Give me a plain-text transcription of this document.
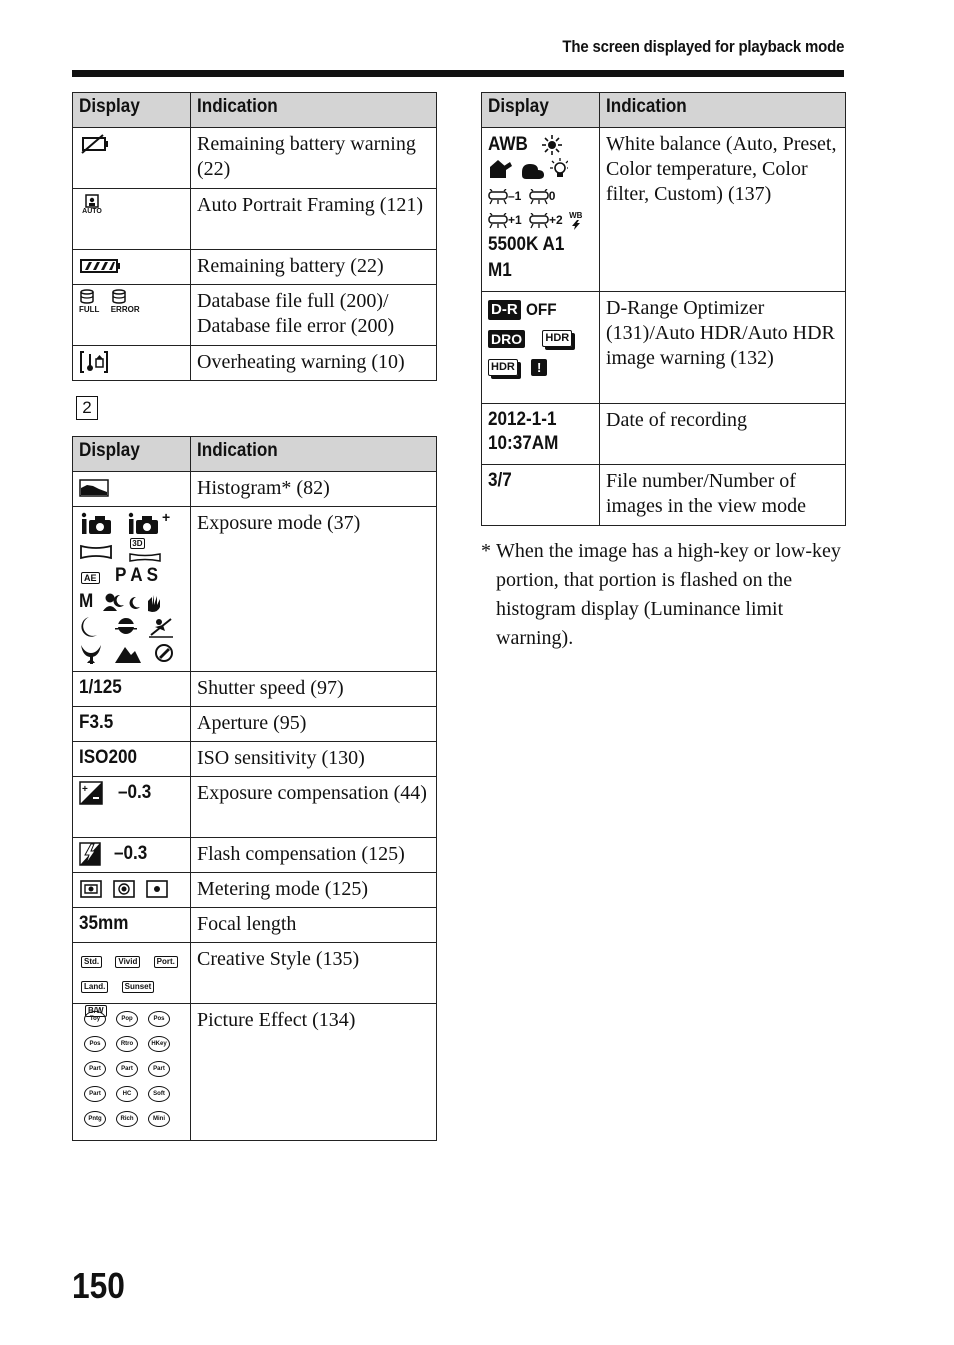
The screen displayed for playback mode
Display	Indication
	Remaining battery warning (22)

AUTO	Auto Portrait Framing (121)
	Remaining battery (22)

FULL
ERROR	Database file full (200)/ Database file error (200)
	Overheating warning (10)
2
Display	Indication
	Histogram* (82)

+

3D
AE P A S
M	Exposure mode (37)
1/125	Shutter speed (97)
F3.5	Aperture (95)
ISO200	ISO sensitivity (130)

+ –0.3	Exposure compensation (44)
–0.3	Flash compensation (125)
	Metering mode (125)
35mm	Focal length

Std. Vivid Port.
Land. Sunset B/W	Creative Style (135)

Toy Pop Pos
Pos Rtro HKey
Part Part Part
Part HC Soft
Pntg Rich Mini	Picture Effect (134)
Display	Indication

AWB
–1 0
+1 +2 WB
5500K A1
M1	White balance (Auto, Preset, Color temperature, Color filter, Custom) (137)

D-R OFF
DRO HDR
HDR !	D-Range Optimizer (131)/Auto HDR/Auto HDR image warning (132)

2012-1-1
10:37AM	Date of recording
3/7	File number/Number of images in the view mode
* When the image has a high-key or low-key portion, that portion is flashed on the histogram display (Luminance limit warning).
150
